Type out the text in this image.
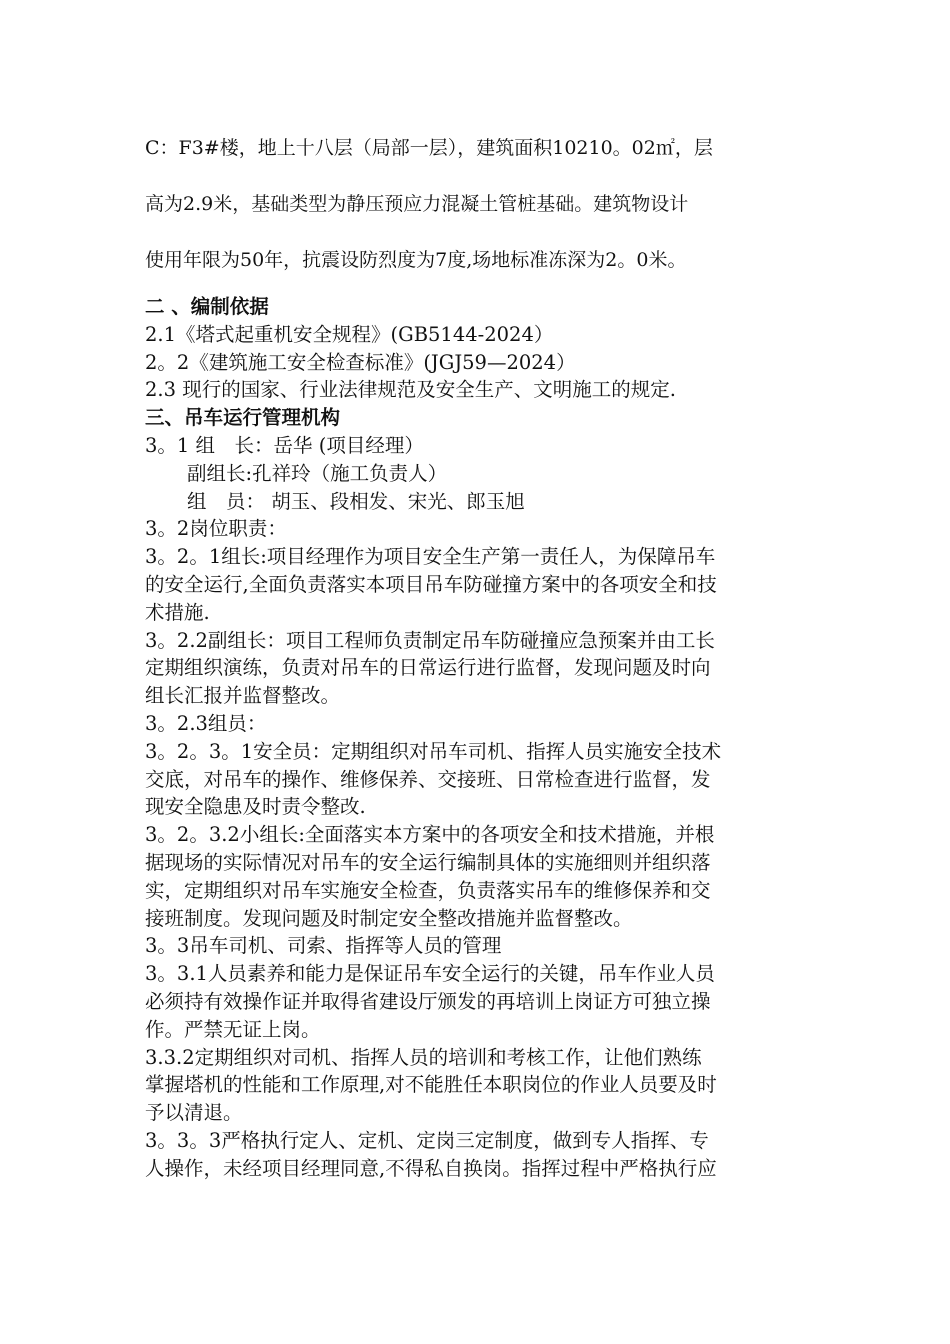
C：F3#楼，地上十八层（局部一层），建筑面积10210。02㎡，层

高为2.9米，基础类型为静压预应力混凝土管桩基础。建筑物设计

使用年限为50年，抗震设防烈度为7度,场地标准冻深为2。0米。

二 、编制依据

2.1《塔式起重机安全规程》(GB5144-2024）

2。2《建筑施工安全检查标准》(JGJ59—2024）

2.3 现行的国家、行业法律规范及安全生产、文明施工的规定.

三、吊车运行管理机构

3。1 组　长：岳华 (项目经理）

副组长:孔祥玲（施工负责人）

组　员： 胡玉、段相发、宋光、郎玉旭

3。2岗位职责：

3。2。1组长:项目经理作为项目安全生产第一责任人，为保障吊车

的安全运行,全面负责落实本项目吊车防碰撞方案中的各项安全和技

术措施.

3。2.2副组长：项目工程师负责制定吊车防碰撞应急预案并由工长

定期组织演练，负责对吊车的日常运行进行监督，发现问题及时向

组长汇报并监督整改。

3。2.3组员：

3。2。3。1安全员：定期组织对吊车司机、指挥人员实施安全技术

交底，对吊车的操作、维修保养、交接班、日常检查进行监督，发

现安全隐患及时责令整改.

3。2。3.2小组长:全面落实本方案中的各项安全和技术措施，并根

据现场的实际情况对吊车的安全运行编制具体的实施细则并组织落

实，定期组织对吊车实施安全检查，负责落实吊车的维修保养和交

接班制度。发现问题及时制定安全整改措施并监督整改。

3。3吊车司机、司索、指挥等人员的管理

3。3.1人员素养和能力是保证吊车安全运行的关键，吊车作业人员

必须持有效操作证并取得省建设厅颁发的再培训上岗证方可独立操

作。严禁无证上岗。

3.3.2定期组织对司机、指挥人员的培训和考核工作，让他们熟练

掌握塔机的性能和工作原理,对不能胜任本职岗位的作业人员要及时

予以清退。

3。3。3严格执行定人、定机、定岗三定制度，做到专人指挥、专

人操作，未经项目经理同意,不得私自换岗。指挥过程中严格执行应
